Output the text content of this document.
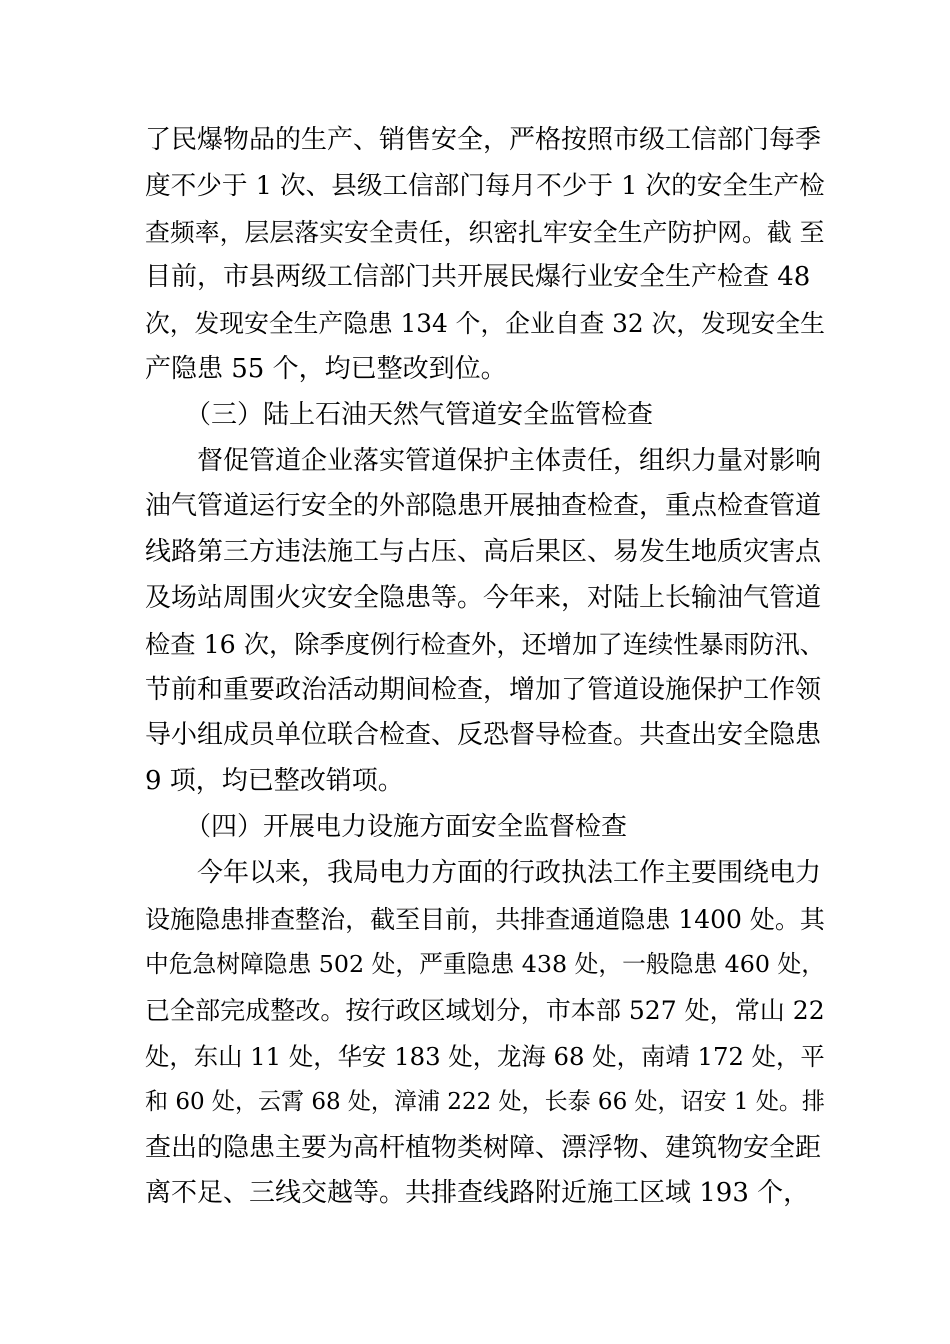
了民爆物品的生产、销售安全，严格按照市级工信部门每季
度不少于 1 次、县级工信部门每月不少于 1 次的安全生产检
查频率，层层落实安全责任，织密扎牢安全生产防护网。截 至
目前，市县两级工信部门共开展民爆行业安全生产检查 48
次，发现安全生产隐患 134 个，企业自查 32 次，发现安全生
产隐患 55 个，均已整改到位。
（三）陆上石油天然气管道安全监管检查
督促管道企业落实管道保护主体责任，组织力量对影响
油气管道运行安全的外部隐患开展抽查检查，重点检查管道
线路第三方违法施工与占压、高后果区、易发生地质灾害点
及场站周围火灾安全隐患等。今年来，对陆上长输油气管道
检查 16 次，除季度例行检查外，还增加了连续性暴雨防汛、
节前和重要政治活动期间检查，增加了管道设施保护工作领
导小组成员单位联合检查、反恐督导检查。共查出安全隐患
9 项，均已整改销项。
（四）开展电力设施方面安全监督检查
今年以来，我局电力方面的行政执法工作主要围绕电力
设施隐患排查整治，截至目前，共排查通道隐患 1400 处。其
中危急树障隐患 502 处，严重隐患 438 处，一般隐患 460 处，
已全部完成整改。按行政区域划分，市本部 527 处，常山 22
处，东山 11 处，华安 183 处，龙海 68 处，南靖 172 处，平
和 60 处，云霄 68 处，漳浦 222 处，长泰 66 处，诏安 1 处。排
查出的隐患主要为高杆植物类树障、漂浮物、建筑物安全距
离不足、三线交越等。共排查线路附近施工区域 193 个，
